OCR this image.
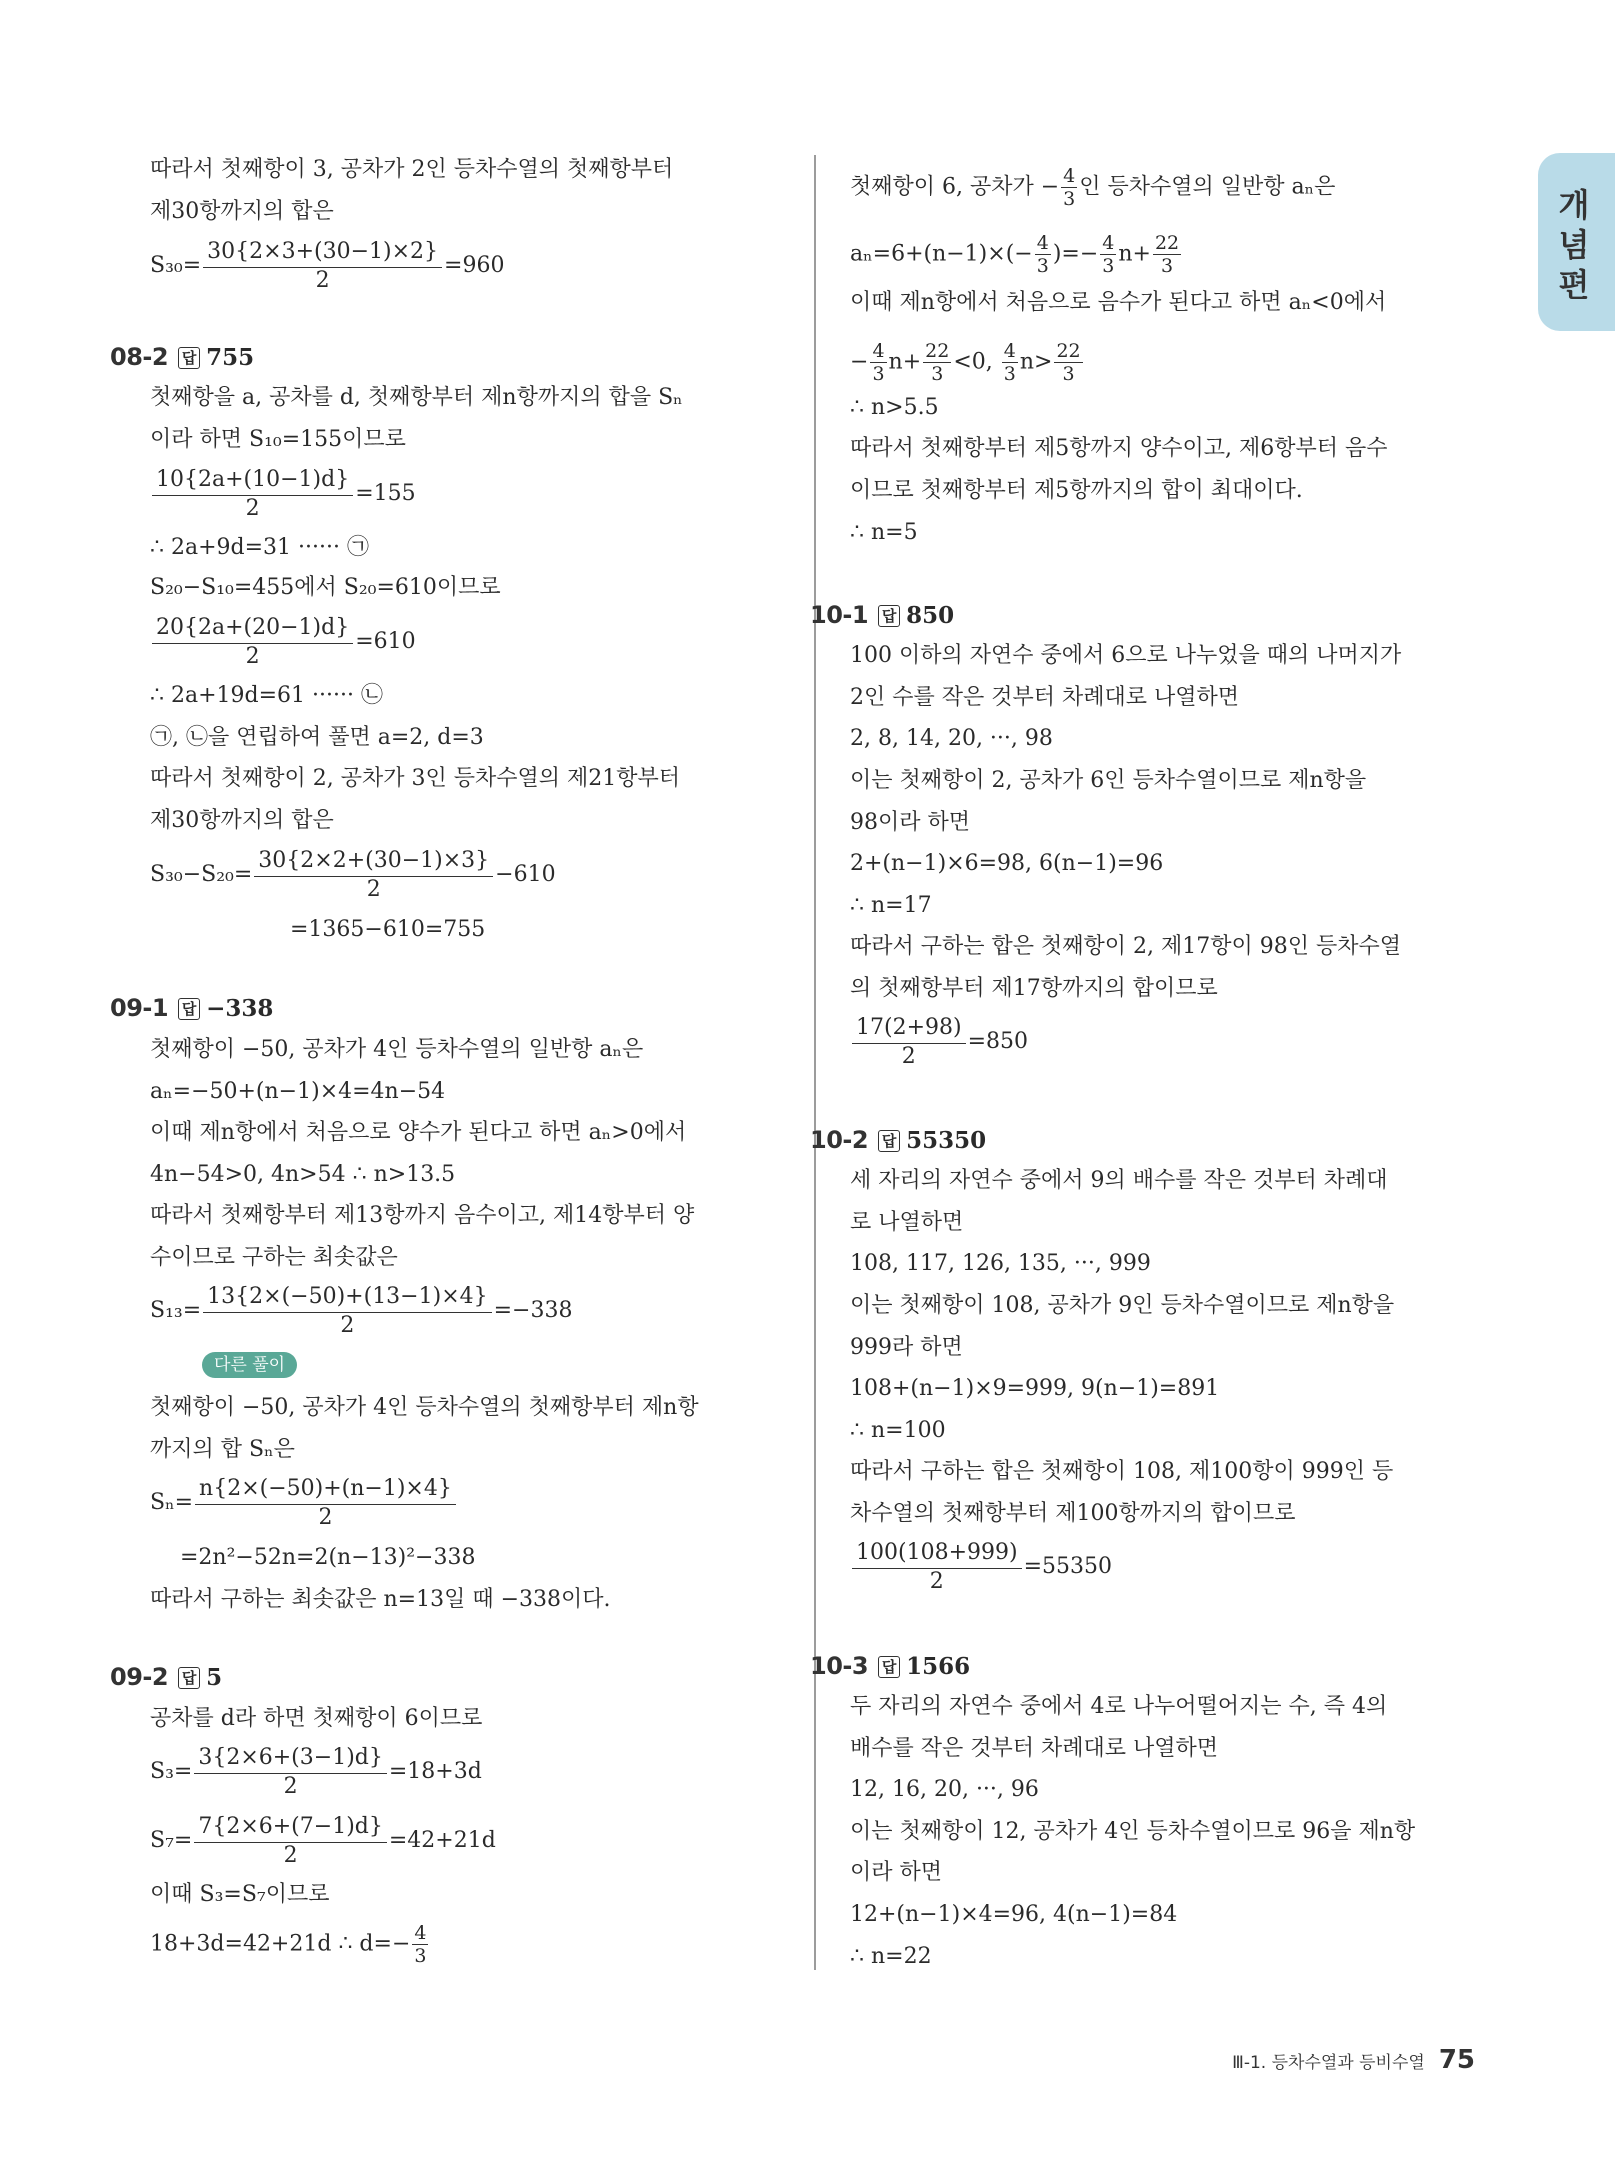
개념편
따라서 첫째항이 3, 공차가 2인 등차수열의 첫째항부터
제30항까지의 합은
$S_{30}= \frac{30\{2\times 3+(30-1)\times 2\}}{2} =960$
08-2 답 755
첫째항을 a, 공차를 d, 첫째항부터 제n항까지의 합을 Sₙ
이라 하면 S₁₀=155이므로
$\frac{10\{2a+(10-1)d\}}{2} =155$
∴ 2a+9d=31 ······ ㉠
S₂₀−S₁₀=455에서 S₂₀=610이므로
$\frac{20\{2a+(20-1)d\}}{2} =610$
∴ 2a+19d=61 ······ ㉡
㉠, ㉡을 연립하여 풀면 a=2, d=3
따라서 첫째항이 2, 공차가 3인 등차수열의 제21항부터
제30항까지의 합은
$S_{30}-S_{20}= \frac{30\{2\times 2+(30-1)\times 3\}}{2} -610$
=1365−610=755
09-1 답 −338
첫째항이 −50, 공차가 4인 등차수열의 일반항 aₙ은
aₙ=−50+(n−1)×4=4n−54
이때 제n항에서 처음으로 양수가 된다고 하면 aₙ>0에서
4n−54>0, 4n>54 ∴ n>13.5
따라서 첫째항부터 제13항까지 음수이고, 제14항부터 양
수이므로 구하는 최솟값은
$S_{13}= \frac{13\{2\times(-50)+(13-1)\times 4\}}{2} =-338$
다른 풀이
첫째항이 −50, 공차가 4인 등차수열의 첫째항부터 제n항
까지의 합 Sₙ은
$S_n= \frac{n\{2\times(-50)+(n-1)\times 4\}}{2}$
=2n²−52n=2(n−13)²−338
따라서 구하는 최솟값은 n=13일 때 −338이다.
09-2 답 5
공차를 d라 하면 첫째항이 6이므로
$S_3= \frac{3\{2\times 6+(3-1)d\}}{2} =18+3d$
$S_7= \frac{7\{2\times 6+(7-1)d\}}{2} =42+21d$
이때 S₃=S₇이므로
18+3d=42+21d ∴ $d=- \frac{4}{3}$
첫째항이 6, 공차가 − $\frac{4}{3}$ 인 등차수열의 일반항 aₙ은
$a_n=6+(n-1)\times(- \frac{4}{3}$ )=− $\frac{4}{3} n+ \frac{22}{3}$
이때 제n항에서 처음으로 음수가 된다고 하면 aₙ<0에서
− $\frac{4}{3} n+ \frac{22}{3} <0$, $\frac{4}{3} n> \frac{22}{3}$
∴ n>5.5
따라서 첫째항부터 제5항까지 양수이고, 제6항부터 음수
이므로 첫째항부터 제5항까지의 합이 최대이다.
∴ n=5
10-1 답 850
100 이하의 자연수 중에서 6으로 나누었을 때의 나머지가
2인 수를 작은 것부터 차례대로 나열하면
2, 8, 14, 20, ···, 98
이는 첫째항이 2, 공차가 6인 등차수열이므로 제n항을
98이라 하면
2+(n−1)×6=98, 6(n−1)=96
∴ n=17
따라서 구하는 합은 첫째항이 2, 제17항이 98인 등차수열
의 첫째항부터 제17항까지의 합이므로
$\frac{17(2+98)}{2} =850$
10-2 답 55350
세 자리의 자연수 중에서 9의 배수를 작은 것부터 차례대
로 나열하면
108, 117, 126, 135, ···, 999
이는 첫째항이 108, 공차가 9인 등차수열이므로 제n항을
999라 하면
108+(n−1)×9=999, 9(n−1)=891
∴ n=100
따라서 구하는 합은 첫째항이 108, 제100항이 999인 등
차수열의 첫째항부터 제100항까지의 합이므로
$\frac{100(108+999)}{2} =55350$
10-3 답 1566
두 자리의 자연수 중에서 4로 나누어떨어지는 수, 즉 4의
배수를 작은 것부터 차례대로 나열하면
12, 16, 20, ···, 96
이는 첫째항이 12, 공차가 4인 등차수열이므로 96을 제n항
이라 하면
12+(n−1)×4=96, 4(n−1)=84
∴ n=22
Ⅲ-1. 등차수열과 등비수열 75
